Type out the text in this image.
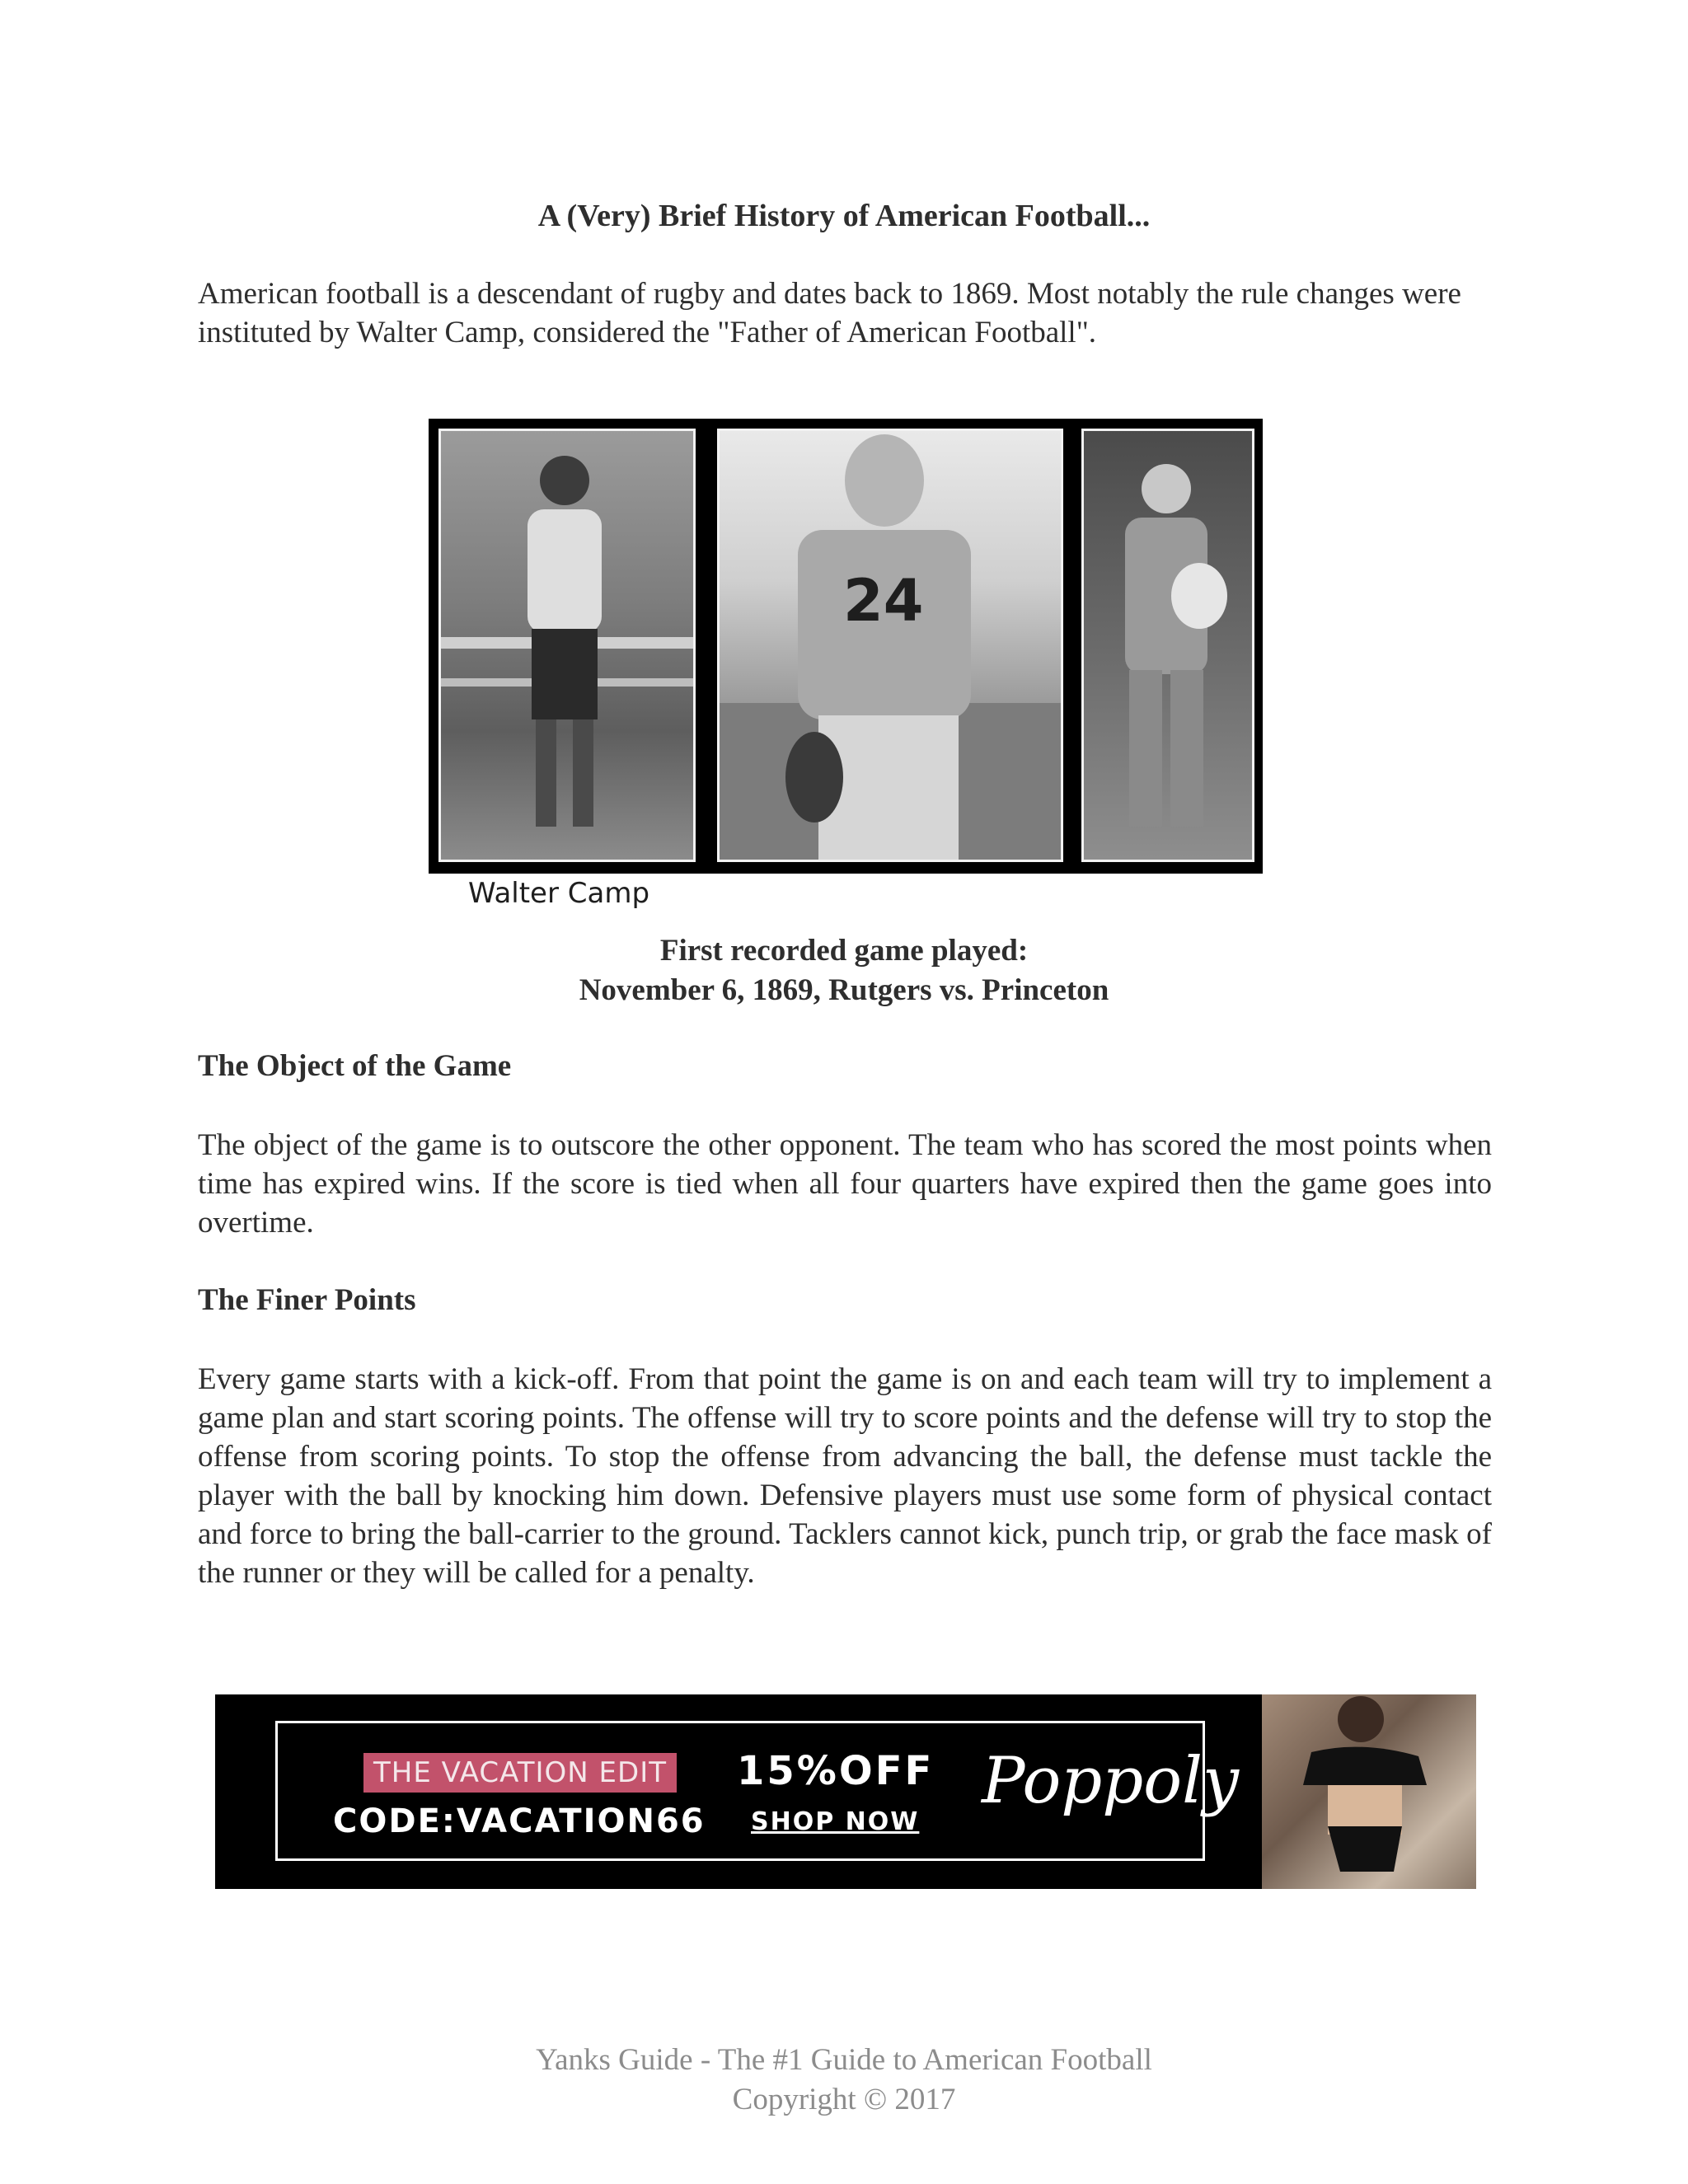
A (Very) Brief History of American Football...
American football is a descendant of rugby and dates back to 1869. Most notably the rule changes were instituted by Walter Camp, considered the "Father of American Football".
24
Walter Camp
First recorded game played:
November 6, 1869, Rutgers vs. Princeton
The Object of the Game
The object of the game is to outscore the other opponent. The team who has scored the most points when time has expired wins. If the score is tied when all four quarters have expired then the game goes into overtime.
The Finer Points
Every game starts with a kick-off. From that point the game is on and each team will try to implement a game plan and start scoring points. The offense will try to score points and the defense will try to stop the offense from scoring points. To stop the offense from advancing the ball, the defense must tackle the player with the ball by knocking him down. Defensive players must use some form of physical contact and force to bring the ball-carrier to the ground. Tacklers cannot kick, punch trip, or grab the face mask of the runner or they will be called for a penalty.
THE VACATION EDIT
CODE:VACATION66
15%OFF
SHOP NOW
Poppoly
Yanks Guide - The #1 Guide to American Football
Copyright © 2017
